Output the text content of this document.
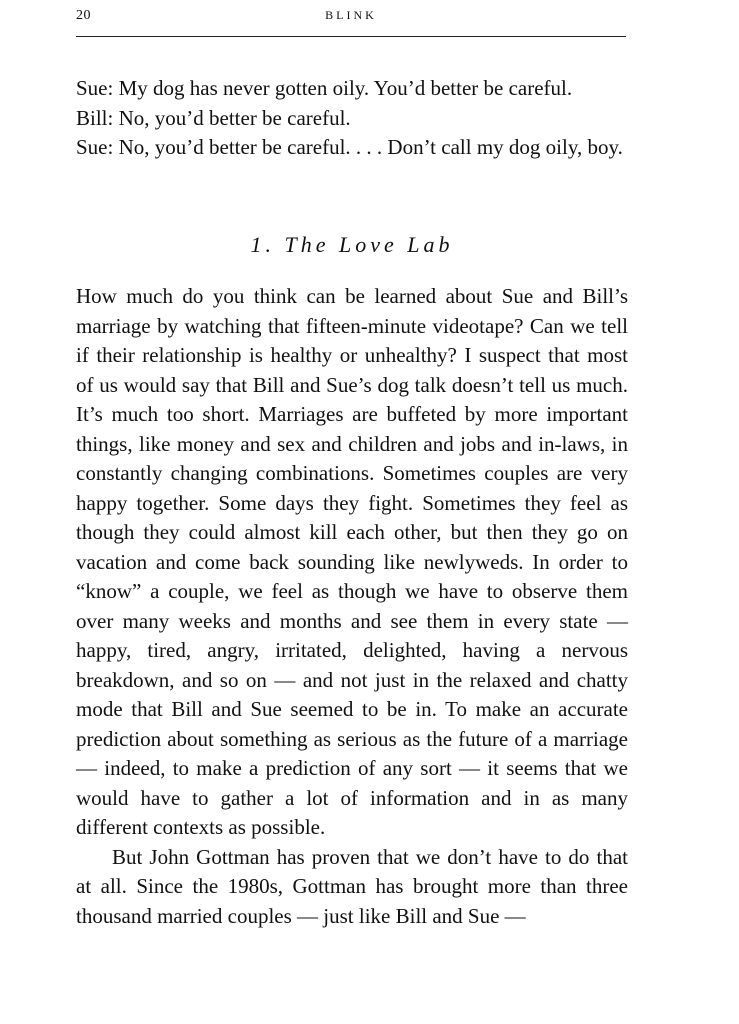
20	BLINK

Sue: My dog has never gotten oily. You’d better be careful.

Bill: No, you’d better be careful.

Sue: No, you’d better be careful. . . . Don’t call my dog oily, boy.

1. The Love Lab

How much do you think can be learned about Sue and Bill’s marriage by watching that fifteen-minute videotape? Can we tell if their relationship is healthy or unhealthy? I suspect that most of us would say that Bill and Sue’s dog talk doesn’t tell us much. It’s much too short. Marriages are buffeted by more important things, like money and sex and children and jobs and in-laws, in constantly changing combinations. Sometimes couples are very happy together. Some days they fight. Sometimes they feel as though they could almost kill each other, but then they go on vacation and come back sounding like newlyweds. In order to “know” a couple, we feel as though we have to observe them over many weeks and months and see them in every state — happy, tired, angry, irritated, delighted, having a nervous breakdown, and so on — and not just in the relaxed and chatty mode that Bill and Sue seemed to be in. To make an accurate prediction about something as serious as the future of a marriage — indeed, to make a prediction of any sort — it seems that we would have to gather a lot of information and in as many different contexts as possible.

But John Gottman has proven that we don’t have to do that at all. Since the 1980s, Gottman has brought more than three thousand married couples — just like Bill and Sue —
